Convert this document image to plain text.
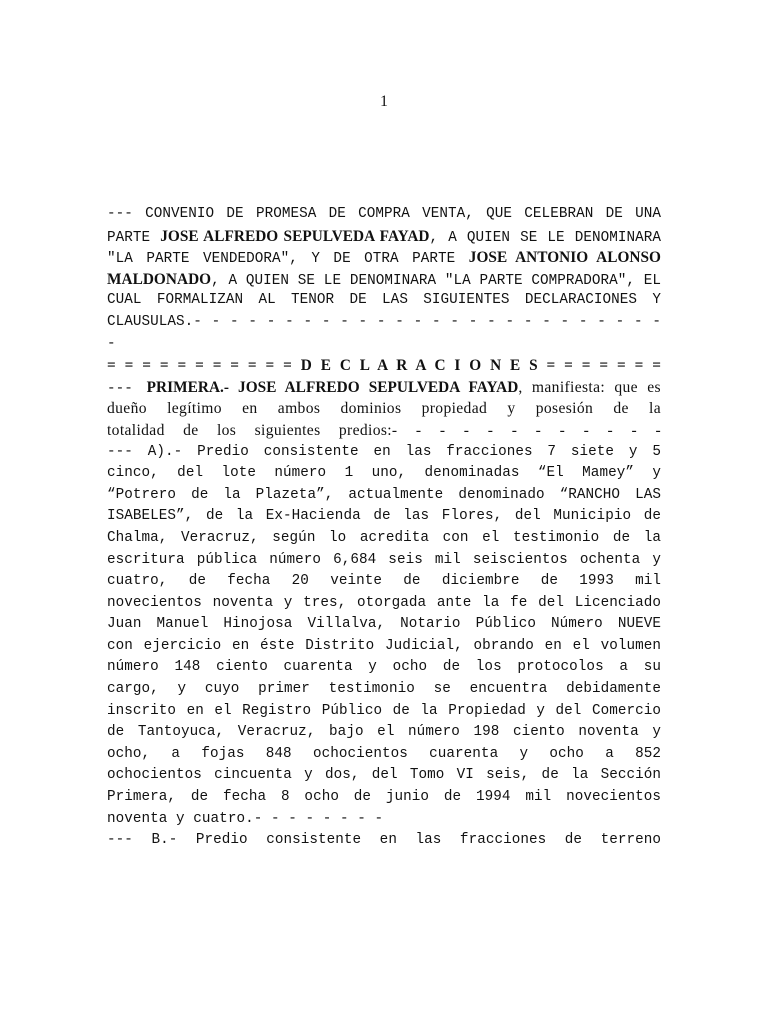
1
--- CONVENIO DE PROMESA DE COMPRA VENTA, QUE CELEBRAN DE UNA
PARTE JOSE ALFREDO SEPULVEDA FAYAD, A QUIEN SE LE DENOMINARA
"LA PARTE VENDEDORA", Y DE OTRA PARTE JOSE ANTONIO ALONSO
MALDONADO, A QUIEN SE LE DENOMINARA "LA PARTE COMPRADORA", EL
CUAL FORMALIZAN AL TENOR DE LAS SIGUIENTES DECLARACIONES Y
CLAUSULAS.- - - - - - - - - - - - - - - - - - - - - - - - - -
-
= = = = = = = = = = = D E C L A R A C I O N E S = = = = = = =
--- PRIMERA.- JOSE ALFREDO SEPULVEDA FAYAD, manifiesta: que es
dueño legítimo en ambos dominios propiedad y posesión de la
totalidad de los siguientes predios:- - - - - - - - - - - -
--- A).- Predio consistente en las fracciones 7 siete y 5
cinco, del lote número 1 uno, denominadas “El Mamey” y
“Potrero de la Plazeta”, actualmente denominado “RANCHO LAS
ISABELES”, de la Ex-Hacienda de las Flores, del Municipio de
Chalma, Veracruz, según lo acredita con el testimonio de la
escritura pública número 6,684 seis mil seiscientos ochenta y
cuatro, de fecha 20 veinte de diciembre de 1993 mil
novecientos noventa y tres, otorgada ante la fe del Licenciado
Juan Manuel Hinojosa Villalva, Notario Público Número NUEVE
con ejercicio en éste Distrito Judicial, obrando en el volumen
número 148 ciento cuarenta y ocho de los protocolos a su
cargo, y cuyo primer testimonio se encuentra debidamente
inscrito en el Registro Público de la Propiedad y del Comercio
de Tantoyuca, Veracruz, bajo el número 198 ciento noventa y
ocho, a fojas 848 ochocientos cuarenta y ocho a 852
ochocientos cincuenta y dos, del Tomo VI seis, de la Sección
Primera, de fecha 8 ocho de junio de 1994 mil novecientos
noventa y cuatro.- - - - - - - -
--- B.- Predio consistente en las fracciones de terreno
